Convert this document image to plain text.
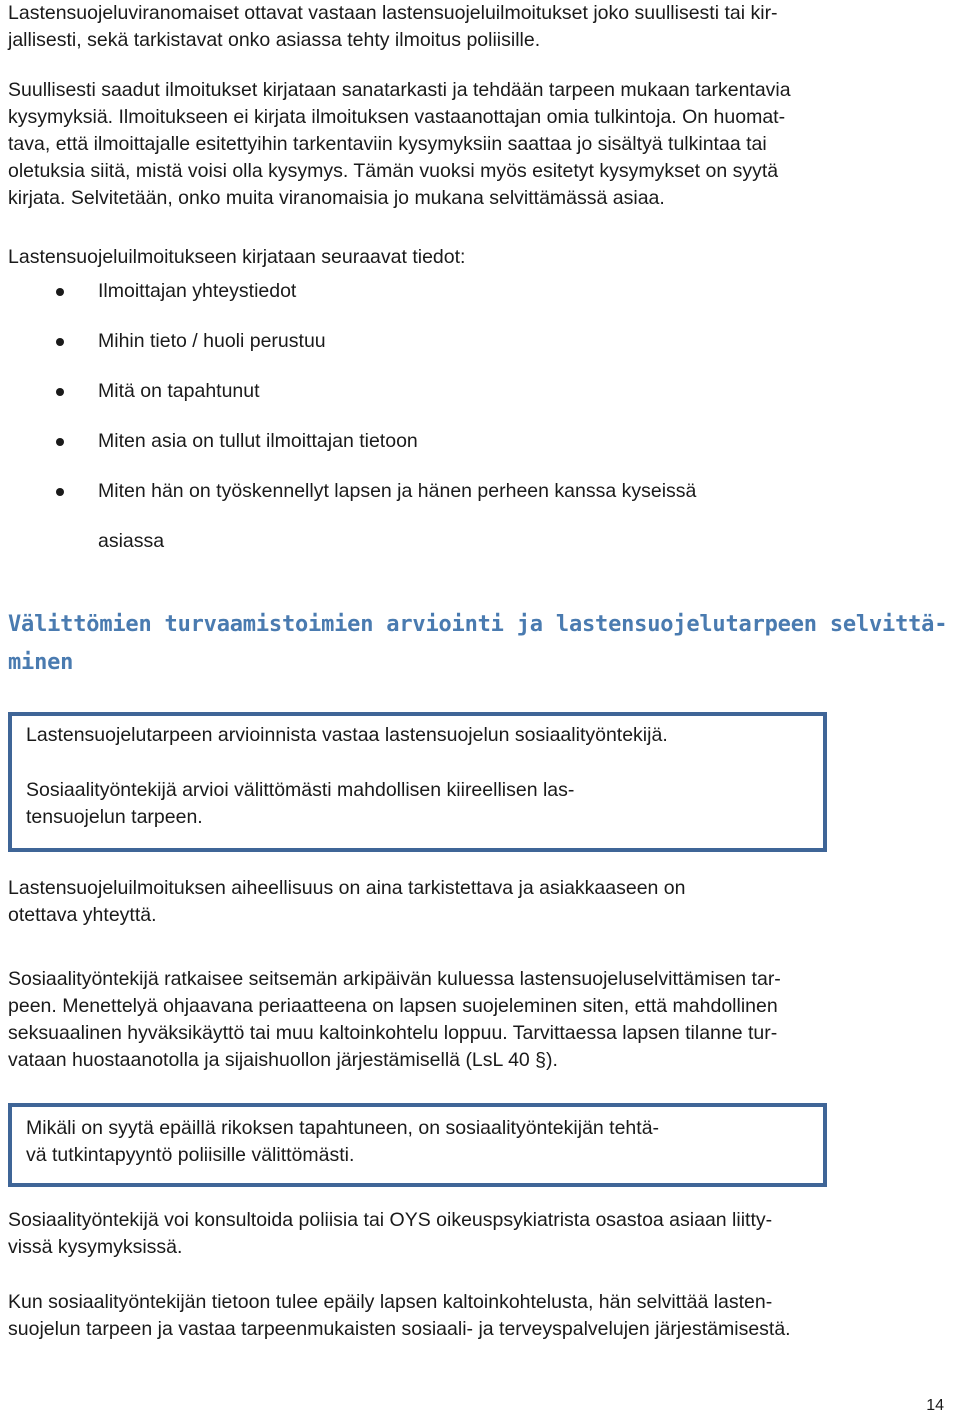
Lastensuojeluviranomaiset ottavat vastaan lastensuojeluilmoitukset joko suullisesti tai kir-
jallisesti, sekä tarkistavat onko asiassa tehty ilmoitus poliisille.

Suullisesti saadut ilmoitukset kirjataan sanatarkasti ja tehdään tarpeen mukaan tarkentavia
kysymyksiä. Ilmoitukseen ei kirjata ilmoituksen vastaanottajan omia tulkintoja. On huomat-
tava, että ilmoittajalle esitettyihin tarkentaviin kysymyksiin saattaa jo sisältyä tulkintaa tai
oletuksia siitä, mistä voisi olla kysymys. Tämän vuoksi myös esitetyt kysymykset on syytä
kirjata. Selvitetään, onko muita viranomaisia jo mukana selvittämässä asiaa.

Lastensuojeluilmoitukseen kirjataan seuraavat tiedot:

Ilmoittajan yhteystiedot
Mihin tieto / huoli perustuu
Mitä on tapahtunut
Miten asia on tullut ilmoittajan tietoon
Miten hän on työskennellyt lapsen ja hänen perheen kanssa kyseissä
asiassa
Välittömien turvaamistoimien arviointi ja lastensuojelutarpeen selvittä-
minen

Lastensuojelutarpeen arvioinnista vastaa lastensuojelun sosiaalityöntekijä.

Sosiaalityöntekijä arvioi välittömästi mahdollisen kiireellisen las-
tensuojelun tarpeen.

Lastensuojeluilmoituksen aiheellisuus on aina tarkistettava ja asiakkaaseen on
otettava yhteyttä.

Sosiaalityöntekijä ratkaisee seitsemän arkipäivän kuluessa lastensuojeluselvittämisen tar-
peen. Menettelyä ohjaavana periaatteena on lapsen suojeleminen siten, että mahdollinen
seksuaalinen hyväksikäyttö tai muu kaltoinkohtelu loppuu. Tarvittaessa lapsen tilanne tur-
vataan huostaanotolla ja sijaishuollon järjestämisellä (LsL 40 §).

Mikäli on syytä epäillä rikoksen tapahtuneen, on sosiaalityöntekijän tehtä-
vä tutkintapyyntö poliisille välittömästi.

Sosiaalityöntekijä voi konsultoida poliisia tai OYS oikeuspsykiatrista osastoa asiaan liitty-
vissä kysymyksissä.

Kun sosiaalityöntekijän tietoon tulee epäily lapsen kaltoinkohtelusta, hän selvittää lasten-
suojelun tarpeen ja vastaa tarpeenmukaisten sosiaali- ja terveyspalvelujen järjestämisestä.

14
